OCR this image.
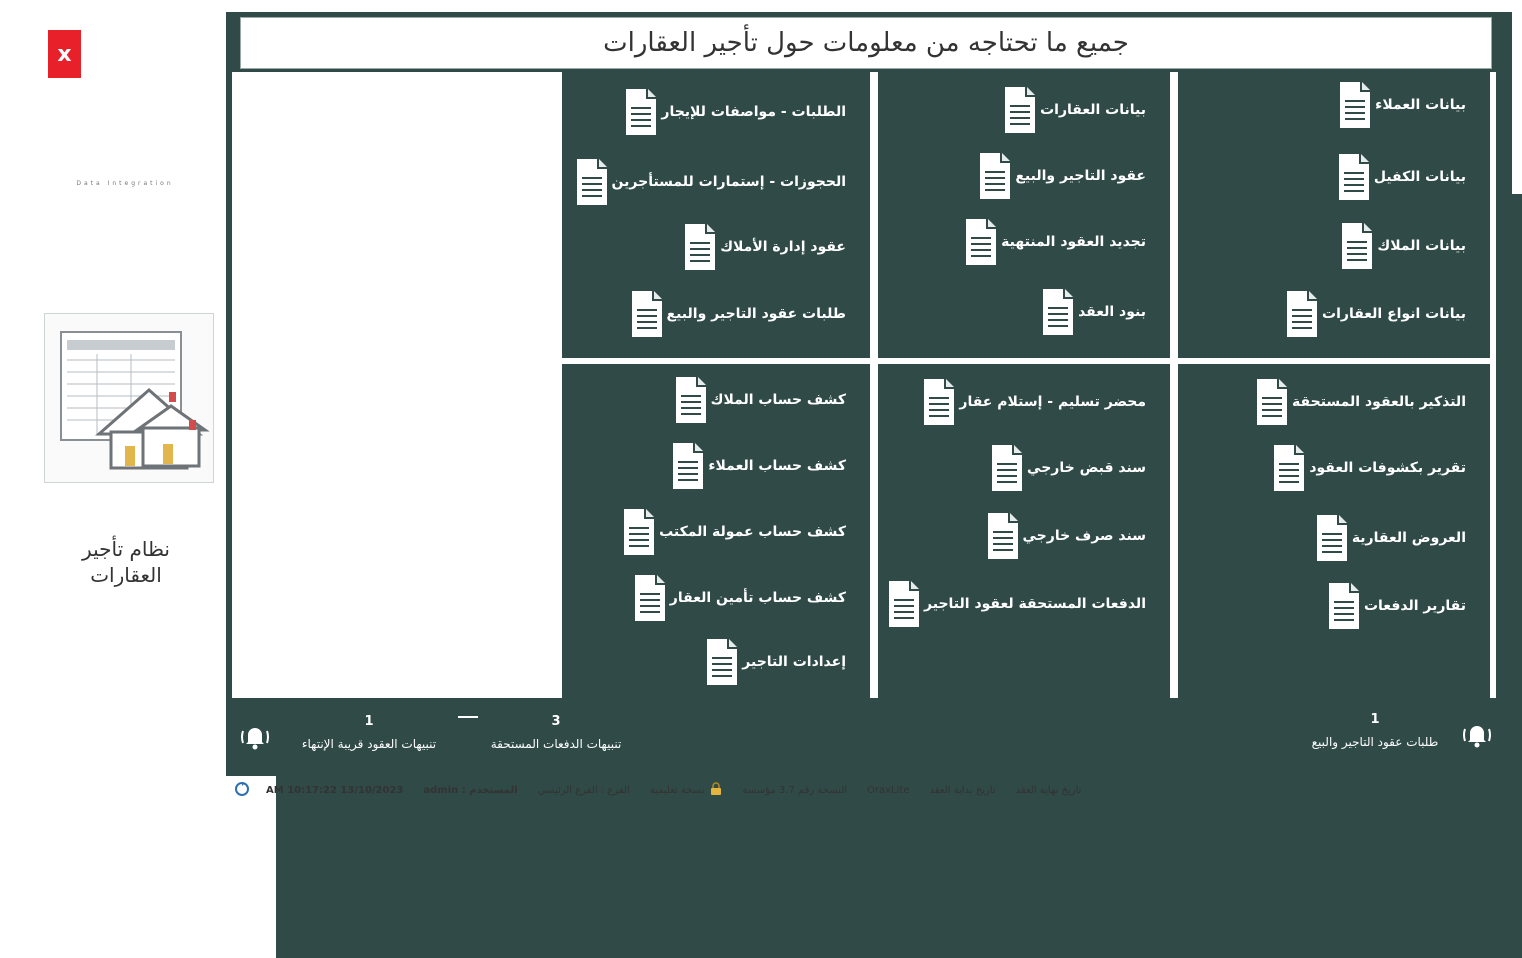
x
Data Integration
نظام تأجير العقارات
جميع ما تحتاجه من معلومات حول تأجير العقارات
بيانات العملاء
بيانات الكفيل
بيانات الملاك
بيانات انواع العقارات
بيانات العقارات
عقود التاجير والبيع
تجديد العقود المنتهية
بنود العقد
الطلبات - مواصفات للإيجار
الحجوزات - إستمارات للمستأجرين
عقود إدارة الأملاك
طلبات عقود التاجير والبيع
التذكير بالعقود المستحقة
تقرير بكشوفات العقود
العروض العقارية
تقارير الدفعات
محضر تسليم - إستلام عقار
سند قبض خارجي
سند صرف خارجي
الدفعات المستحقة لعقود التاجير
كشف حساب الملاك
كشف حساب العملاء
كشف حساب عمولة المكتب
كشف حساب تأمين العقار
إعدادات التاجير
1
طلبات عقود التاجير والبيع
1
تنبيهات العقود قريبة الإنتهاء
3
تنبيهات الدفعات المستحقة
13/10/2023 10:17:22 AM المستخدم : admin الفرع : الفرع الرئيسي نسخة تعليمية	النسخة رقم 3.7 مؤسسة OraxLite تاريخ بداية العقد تاريخ نهاية العقد
